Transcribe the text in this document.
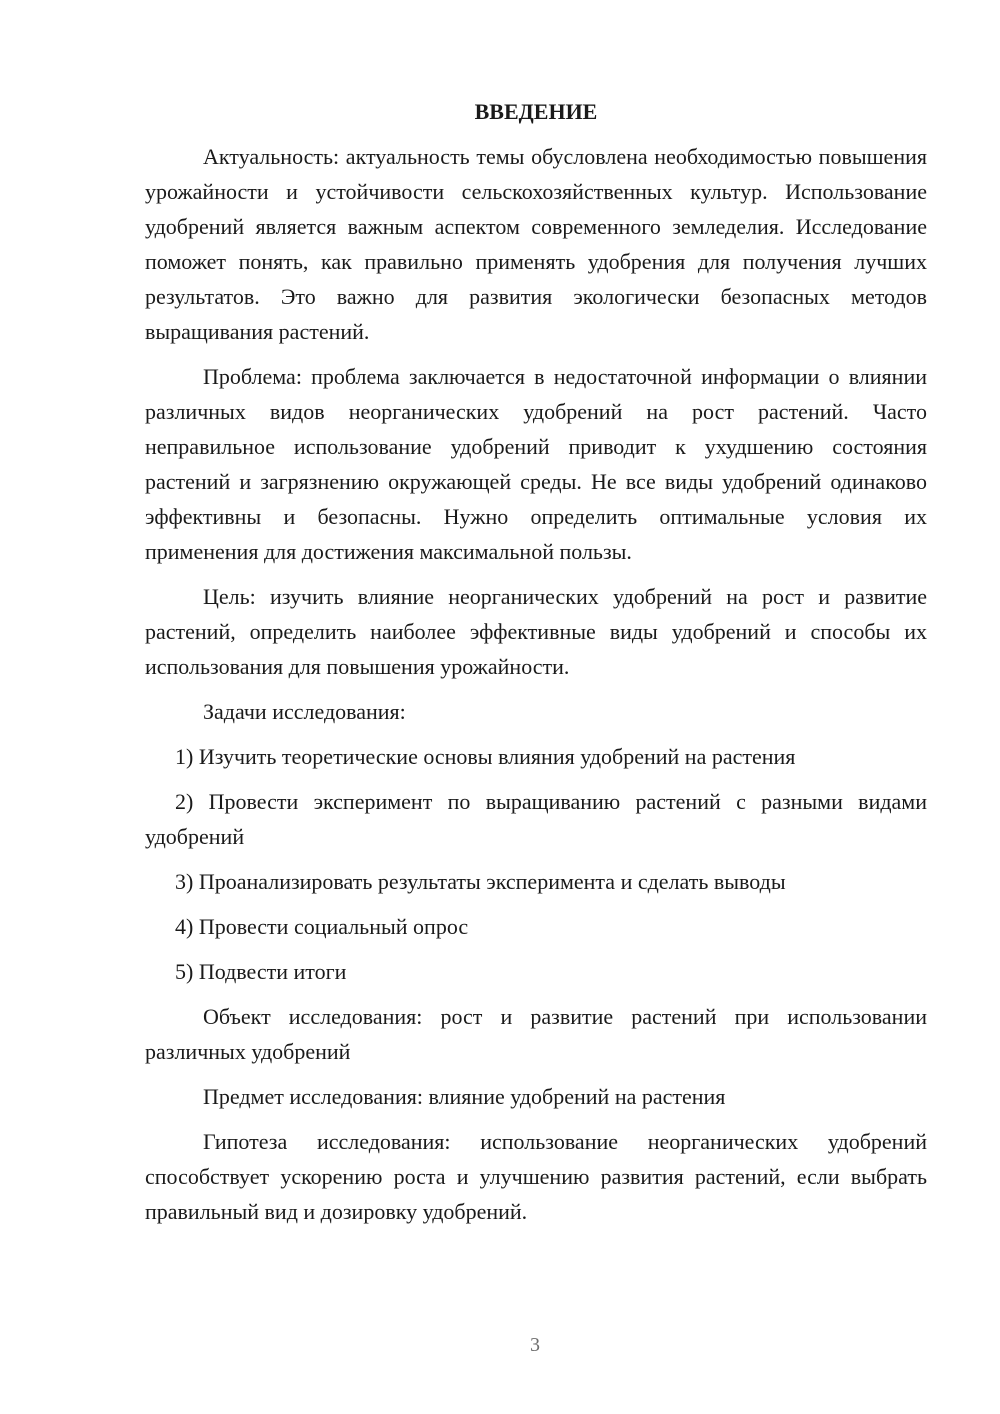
ВВЕДЕНИЕ

Актуальность: актуальность темы обусловлена необходимостью повышения урожайности и устойчивости сельскохозяйственных культур. Использование удобрений является важным аспектом современного земледелия. Исследование поможет понять, как правильно применять удобрения для получения лучших результатов. Это важно для развития экологически безопасных методов выращивания растений.

Проблема: проблема заключается в недостаточной информации о влиянии различных видов неорганических удобрений на рост растений. Часто неправильное использование удобрений приводит к ухудшению состояния растений и загрязнению окружающей среды. Не все виды удобрений одинаково эффективны и безопасны. Нужно определить оптимальные условия их применения для достижения максимальной пользы.

Цель: изучить влияние неорганических удобрений на рост и развитие растений, определить наиболее эффективные виды удобрений и способы их использования для повышения урожайности.

Задачи исследования:

1) Изучить теоретические основы влияния удобрений на растения

2) Провести эксперимент по выращиванию растений с разными видами удобрений

3) Проанализировать результаты эксперимента и сделать выводы

4) Провести социальный опрос

5) Подвести итоги

Объект исследования: рост и развитие растений при использовании различных удобрений

Предмет исследования: влияние удобрений на растения

Гипотеза исследования: использование неорганических удобрений способствует ускорению роста и улучшению развития растений, если выбрать правильный вид и дозировку удобрений.

3
